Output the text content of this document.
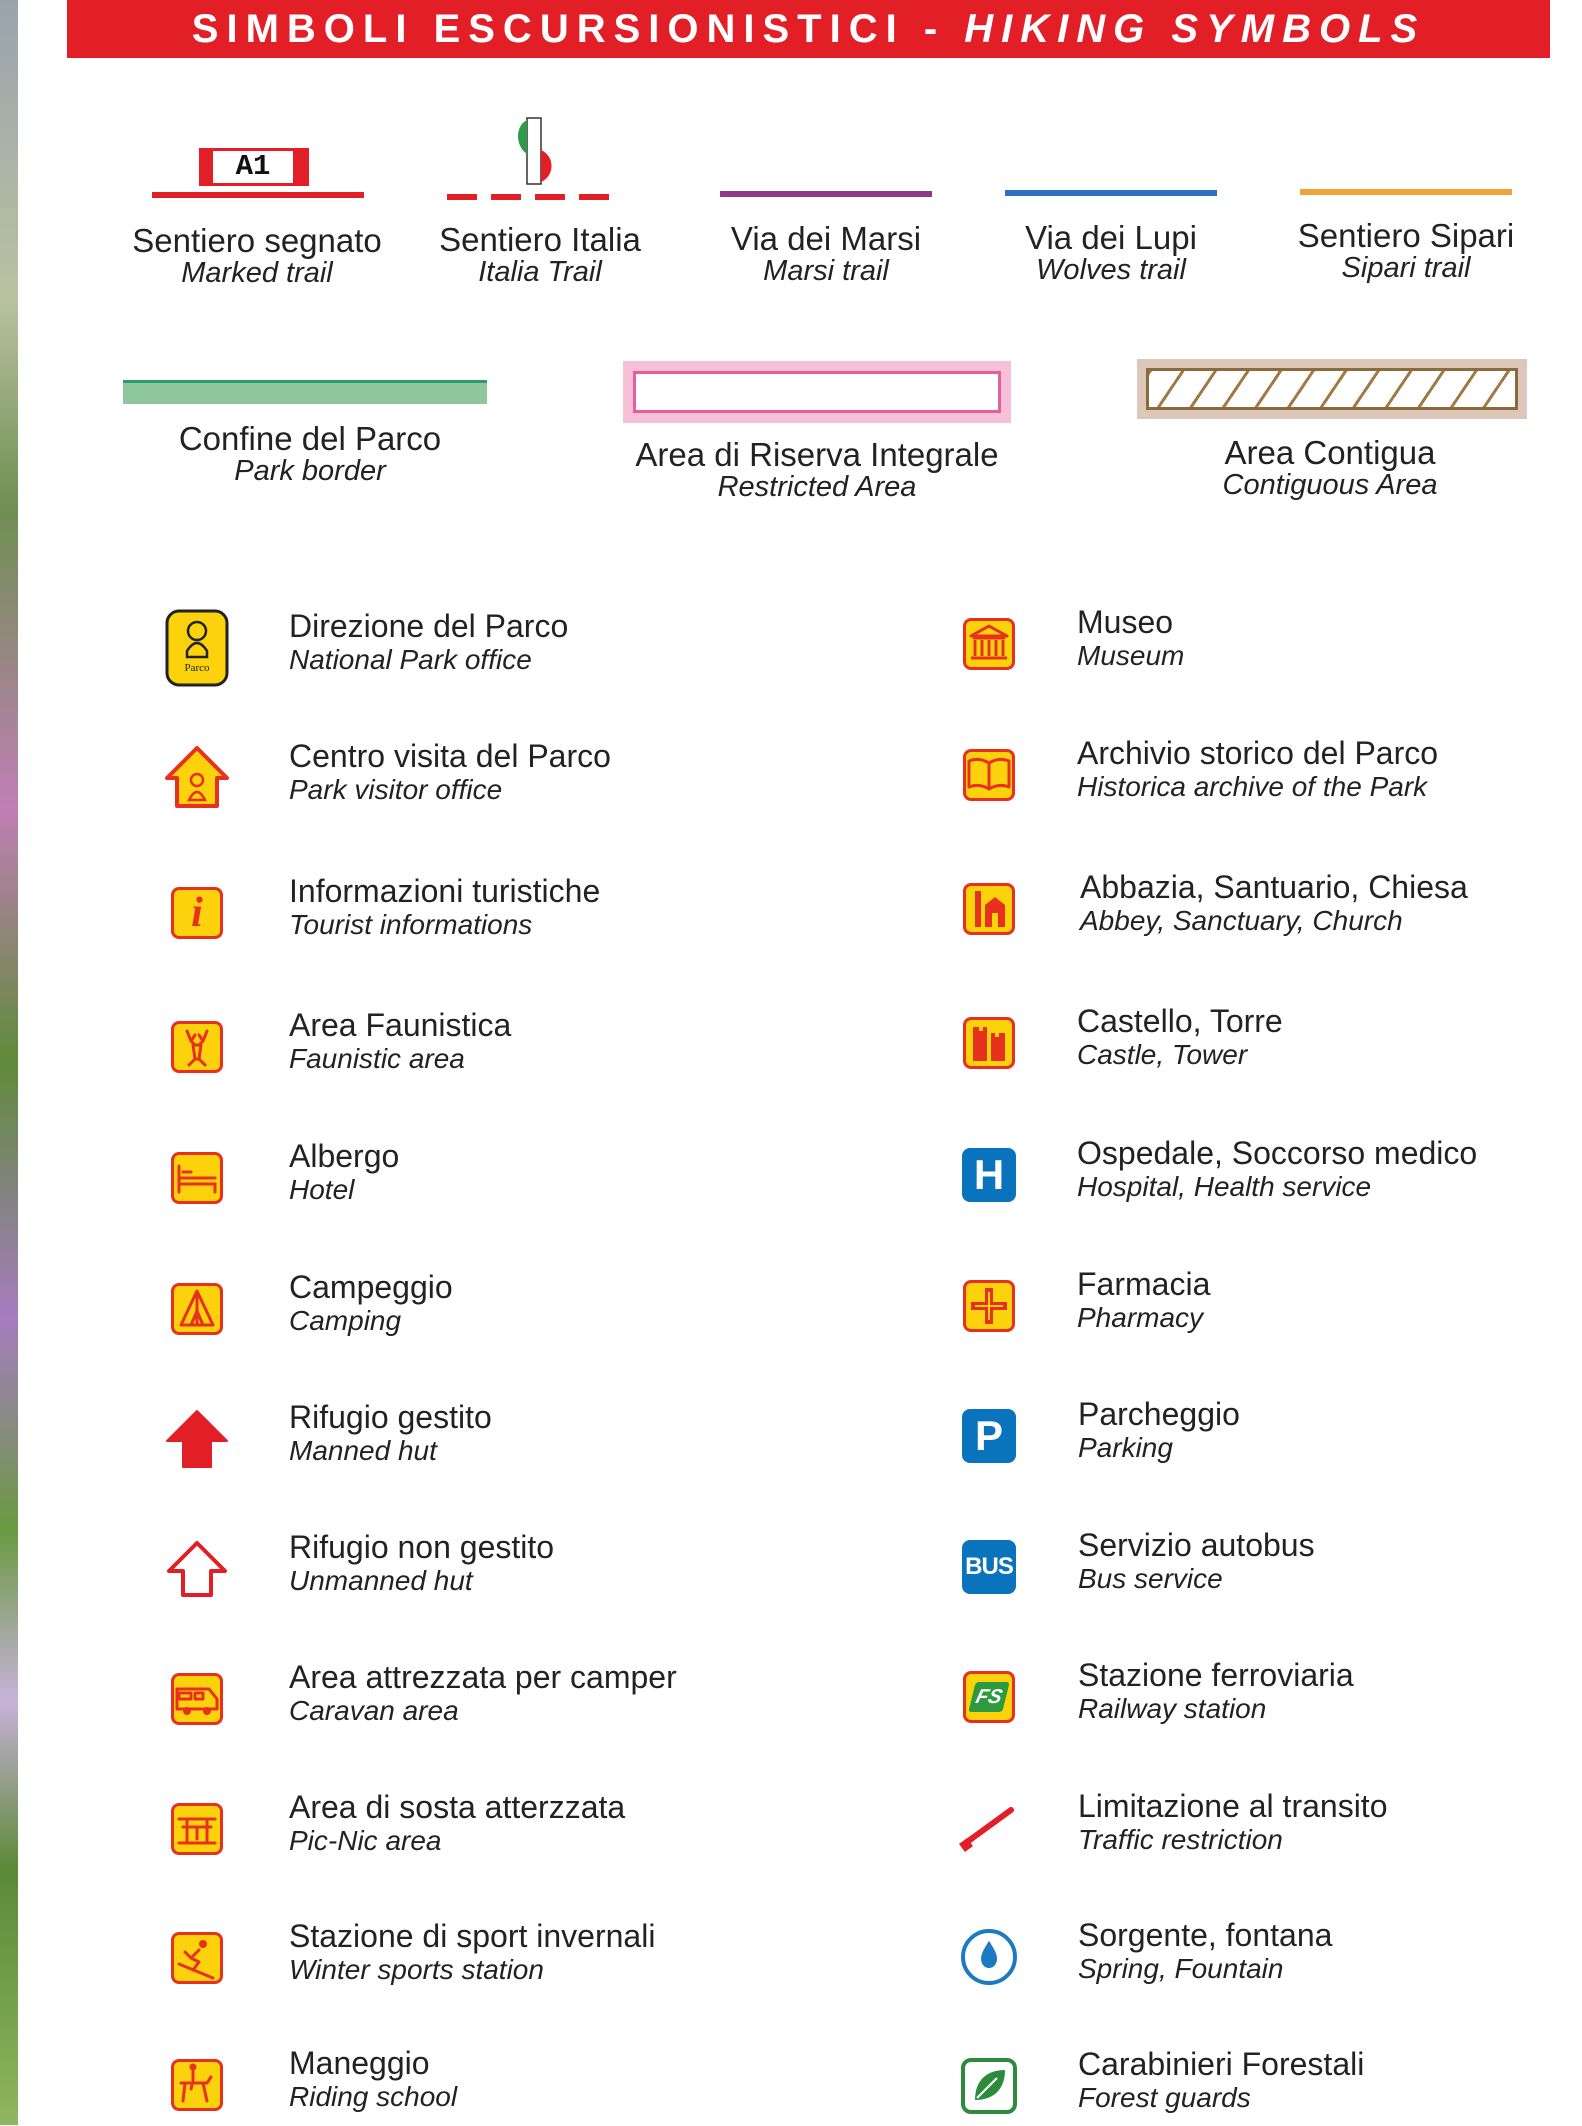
SIMBOLI ESCURSIONISTICI - HIKING SYMBOLS
A1
Sentiero segnato
Marked trail
Sentiero Italia
Italia Trail
Via dei Marsi
Marsi trail
Via dei Lupi
Wolves trail
Sentiero Sipari
Sipari trail
Confine del Parco
Park border	Area di Riserva Integrale
Restricted Area
Area Contigua
Contiguous Area
Parco
Direzione del Parco
National Park office
Centro visita del Parco
Park visitor office
i	Informazioni turistiche
Tourist informations
Area Faunistica
Faunistic area
Albergo
Hotel
Campeggio
Camping
Rifugio gestito
Manned hut
Rifugio non gestito
Unmanned hut
Area attrezzata per camper
Caravan area
Area di sosta atterzzata
Pic-Nic area
Stazione di sport invernali
Winter sports station
Maneggio
Riding school
Museo
Museum
Archivio storico del Parco
Historica archive of the Park
Abbazia, Santuario, Chiesa
Abbey, Sanctuary, Church
Castello, Torre
Castle, Tower
H	Ospedale, Soccorso medico
Hospital, Health service
Farmacia
Pharmacy
P	Parcheggio
Parking
BUS
Servizio autobus
Bus service
FS
Stazione ferroviaria
Railway station
Limitazione al transito
Traffic restriction
Sorgente, fontana
Spring, Fountain
Carabinieri Forestali
Forest guards
